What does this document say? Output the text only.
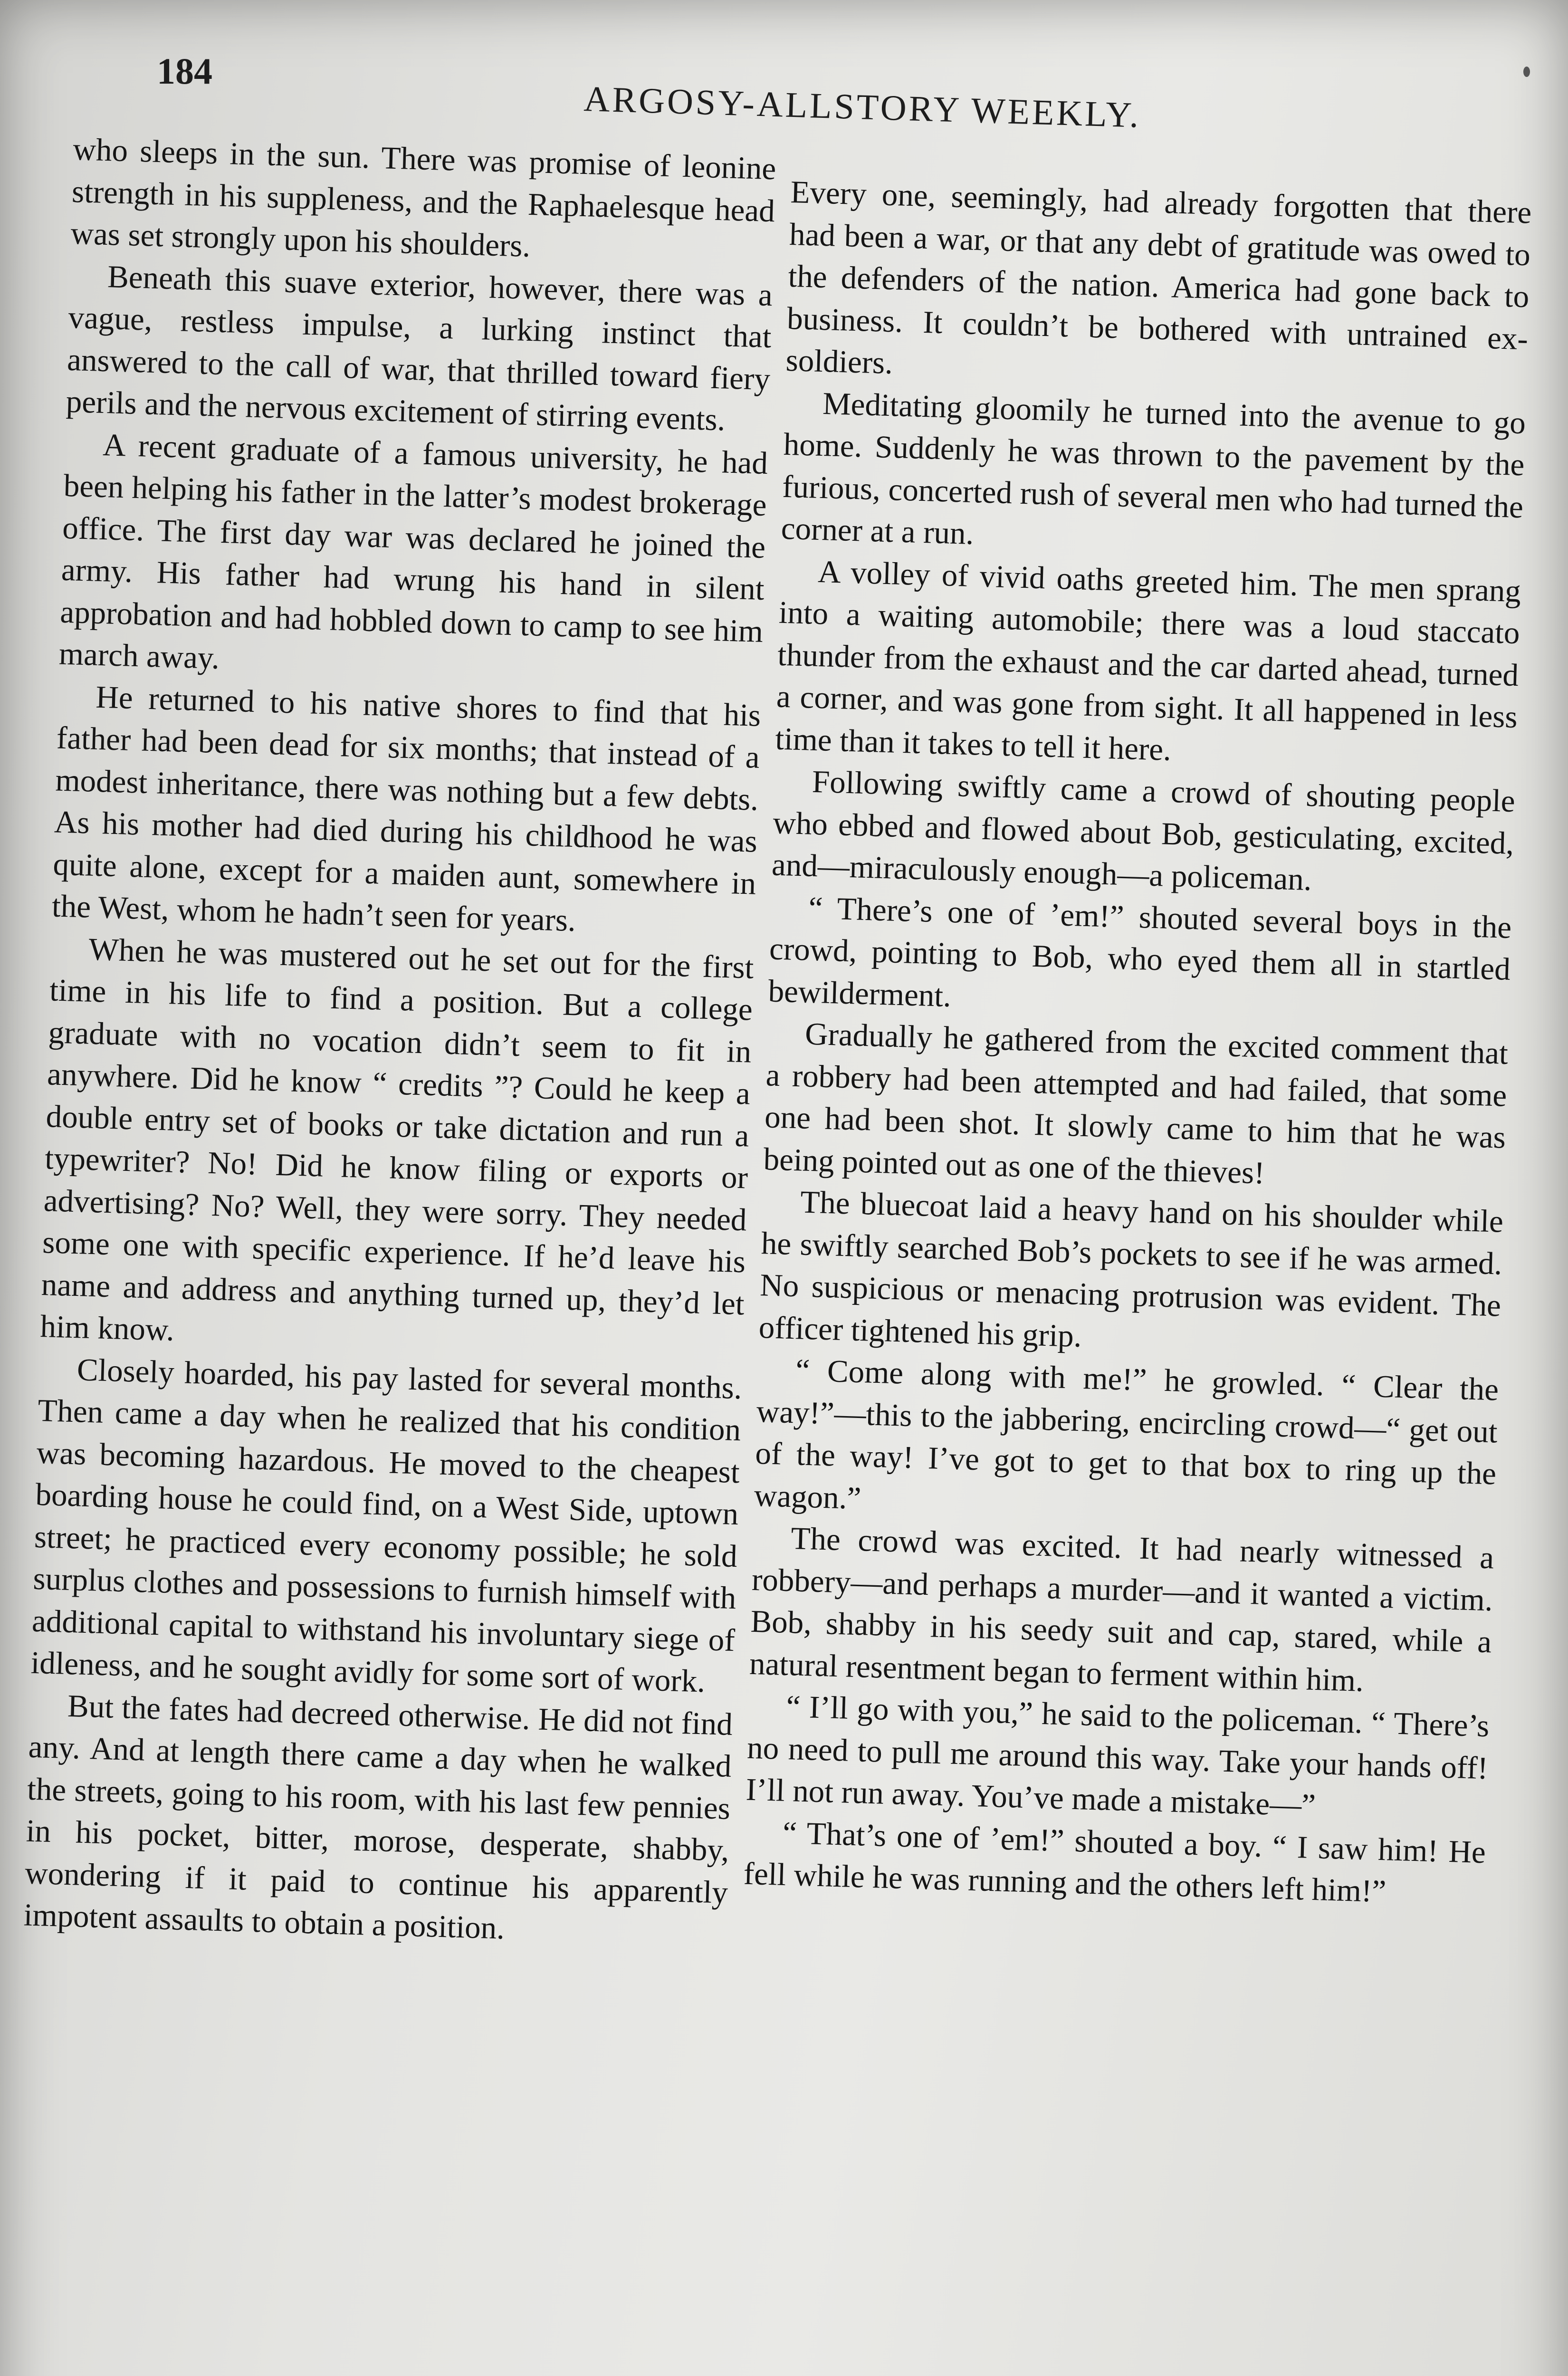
184
ARGOSY-ALLSTORY WEEKLY.

who sleeps in the sun. There was promise of leonine strength in his suppleness, and the Raphaelesque head was set strongly upon his shoulders.

Beneath this suave exterior, however, there was a vague, restless impulse, a lurking instinct that answered to the call of war, that thrilled toward fiery perils and the nervous excitement of stirring events.

A recent graduate of a famous university, he had been helping his father in the latter’s modest brokerage office. The first day war was declared he joined the army. His father had wrung his hand in silent approbation and had hobbled down to camp to see him march away.

He returned to his native shores to find that his father had been dead for six months; that instead of a modest inheritance, there was nothing but a few debts. As his mother had died during his childhood he was quite alone, except for a maiden aunt, somewhere in the West, whom he hadn’t seen for years.

When he was mustered out he set out for the first time in his life to find a position. But a college graduate with no vocation didn’t seem to fit in anywhere. Did he know “ credits ”? Could he keep a double entry set of books or take dictation and run a typewriter? No! Did he know filing or exports or advertising? No? Well, they were sorry. They needed some one with specific experience. If he’d leave his name and address and anything turned up, they’d let him know.

Closely hoarded, his pay lasted for several months. Then came a day when he realized that his condition was becoming hazardous. He moved to the cheapest boarding house he could find, on a West Side, uptown street; he practiced every economy possible; he sold surplus clothes and possessions to furnish himself with additional capital to withstand his involuntary siege of idleness, and he sought avidly for some sort of work.

But the fates had decreed otherwise. He did not find any. And at length there came a day when he walked the streets, going to his room, with his last few pennies in his pocket, bitter, morose, desperate, shabby, wondering if it paid to continue his apparently impotent assaults to obtain a position.

Every one, seemingly, had already forgotten that there had been a war, or that any debt of gratitude was owed to the defenders of the nation. America had gone back to business. It couldn’t be bothered with untrained ex-soldiers.

Meditating gloomily he turned into the avenue to go home. Suddenly he was thrown to the pavement by the furious, concerted rush of several men who had turned the corner at a run.

A volley of vivid oaths greeted him. The men sprang into a waiting automobile; there was a loud staccato thunder from the exhaust and the car darted ahead, turned a corner, and was gone from sight. It all happened in less time than it takes to tell it here.

Following swiftly came a crowd of shouting people who ebbed and flowed about Bob, gesticulating, excited, and—miraculously enough—a policeman.

“ There’s one of ’em!” shouted several boys in the crowd, pointing to Bob, who eyed them all in startled bewilderment.

Gradually he gathered from the excited comment that a robbery had been attempted and had failed, that some one had been shot. It slowly came to him that he was being pointed out as one of the thieves!

The bluecoat laid a heavy hand on his shoulder while he swiftly searched Bob’s pockets to see if he was armed. No suspicious or menacing protrusion was evident. The officer tightened his grip.

“ Come along with me!” he growled. “ Clear the way!”—this to the jabbering, encircling crowd—“ get out of the way! I’ve got to get to that box to ring up the wagon.”

The crowd was excited. It had nearly witnessed a robbery—and perhaps a murder—and it wanted a victim. Bob, shabby in his seedy suit and cap, stared, while a natural resentment began to ferment within him.

“ I’ll go with you,” he said to the policeman. “ There’s no need to pull me around this way. Take your hands off! I’ll not run away. You’ve made a mistake—”

“ That’s one of ’em!” shouted a boy. “ I saw him! He fell while he was running and the others left him!”
